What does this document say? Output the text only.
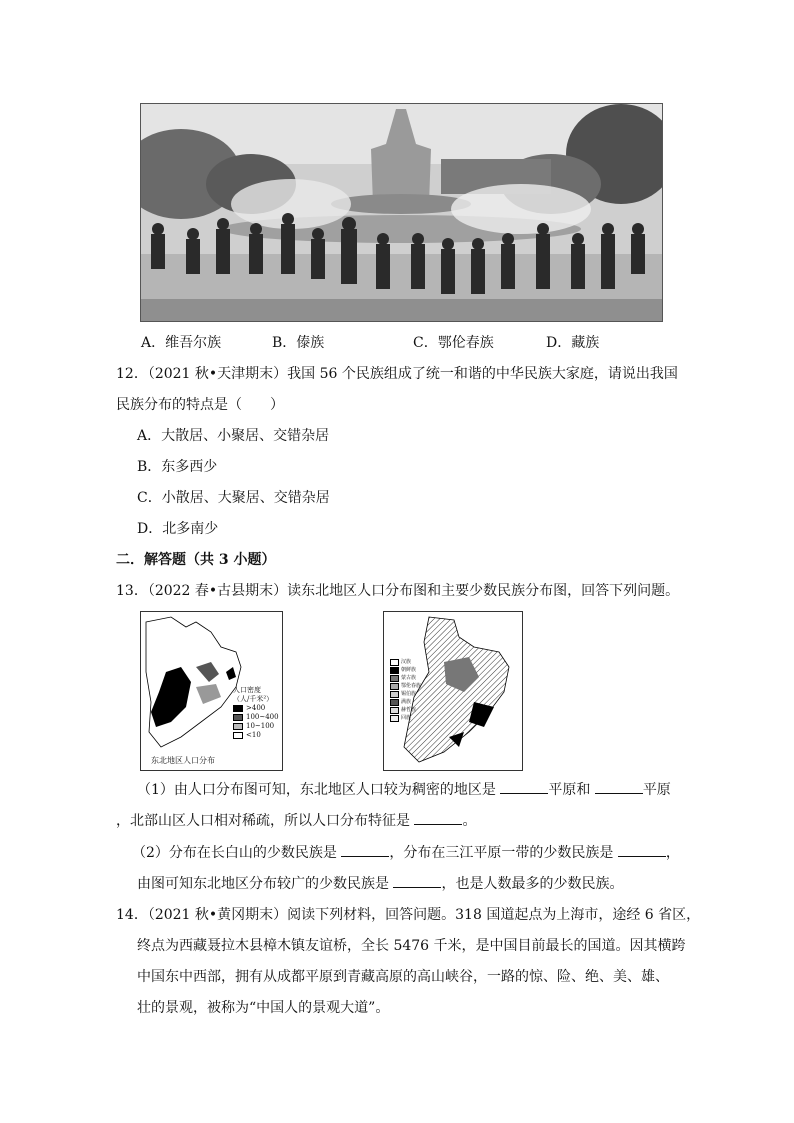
A．维吾尔族	B．傣族	C．鄂伦春族	D．藏族
12．（2021 秋•天津期末）我国 56 个民族组成了统一和谐的中华民族大家庭，请说出我国
民族分布的特点是（　　）
A．大散居、小聚居、交错杂居
B．东多西少
C．小散居、大聚居、交错杂居
D．北多南少
二．解答题（共 3 小题）
13．（2022 春•古县期末）读东北地区人口分布图和主要少数民族分布图，回答下列问题。
人口密度
（人/千米²）
>400
100~400
10~100
<10
东北地区人口分布
汉族
朝鲜族
蒙古族
鄂伦春族
锡伯族
满族
赫哲族
回族
（1）由人口分布图可知，东北地区人口较为稠密的地区是	平原和	平原
，北部山区人口相对稀疏，所以人口分布特征是	。
（2）分布在长白山的少数民族是	，分布在三江平原一带的少数民族是	，
由图可知东北地区分布较广的少数民族是	，也是人数最多的少数民族。
14．（2021 秋•黄冈期末）阅读下列材料，回答问题。318 国道起点为上海市，途经 6 省区，
终点为西藏聂拉木县樟木镇友谊桥，全长 5476 千米，是中国目前最长的国道。因其横跨
中国东中西部，拥有从成都平原到青藏高原的高山峡谷，一路的惊、险、绝、美、雄、
壮的景观，被称为“中国人的景观大道”。
